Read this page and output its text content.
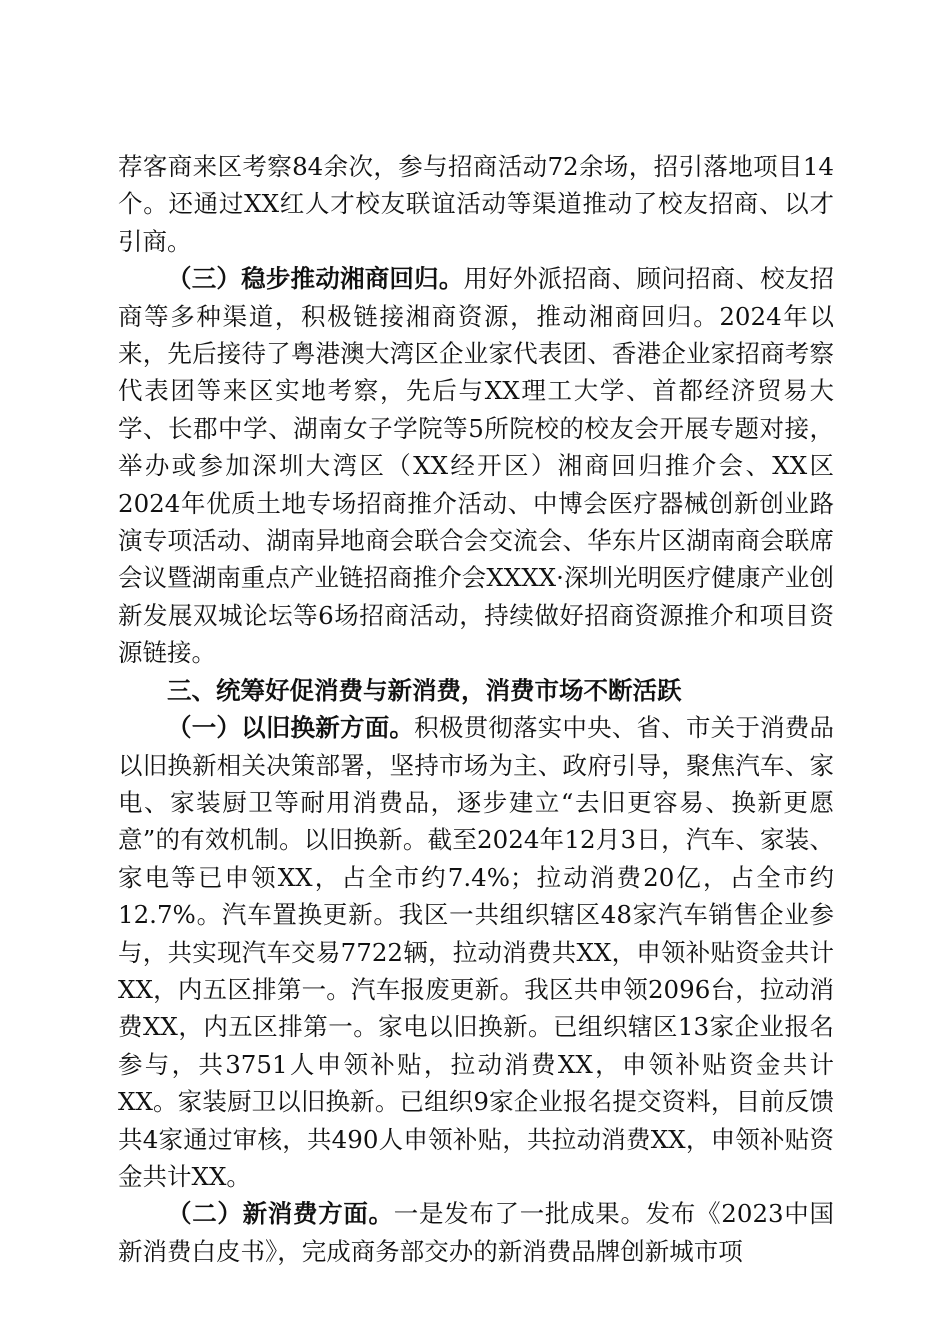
荐客商来区考察84余次，参与招商活动72余场，招引落地项目14个。还通过XX红人才校友联谊活动等渠道推动了校友招商、以才引商。

（三）稳步推动湘商回归。用好外派招商、顾问招商、校友招商等多种渠道，积极链接湘商资源，推动湘商回归。2024年以来，先后接待了粤港澳大湾区企业家代表团、香港企业家招商考察代表团等来区实地考察，先后与XX理工大学、首都经济贸易大学、长郡中学、湖南女子学院等5所院校的校友会开展专题对接，举办或参加深圳大湾区（XX经开区）湘商回归推介会、XX区2024年优质土地专场招商推介活动、中博会医疗器械创新创业路演专项活动、湖南异地商会联合会交流会、华东片区湖南商会联席会议暨湖南重点产业链招商推介会XXXX·深圳光明医疗健康产业创新发展双城论坛等6场招商活动，持续做好招商资源推介和项目资源链接。

三、统筹好促消费与新消费，消费市场不断活跃

（一）以旧换新方面。积极贯彻落实中央、省、市关于消费品以旧换新相关决策部署，坚持市场为主、政府引导，聚焦汽车、家电、家装厨卫等耐用消费品，逐步建立“去旧更容易、换新更愿意”的有效机制。以旧换新。截至2024年12月3日，汽车、家装、家电等已申领XX，占全市约7.4%；拉动消费20亿，占全市约12.7%。汽车置换更新。我区一共组织辖区48家汽车销售企业参与，共实现汽车交易7722辆，拉动消费共XX，申领补贴资金共计XX，内五区排第一。汽车报废更新。我区共申领2096台，拉动消费XX，内五区排第一。家电以旧换新。已组织辖区13家企业报名参与，共3751人申领补贴，拉动消费XX，申领补贴资金共计XX。家装厨卫以旧换新。已组织9家企业报名提交资料，目前反馈共4家通过审核，共490人申领补贴，共拉动消费XX，申领补贴资金共计XX。

（二）新消费方面。一是发布了一批成果。发布《2023中国新消费白皮书》，完成商务部交办的新消费品牌创新城市项
